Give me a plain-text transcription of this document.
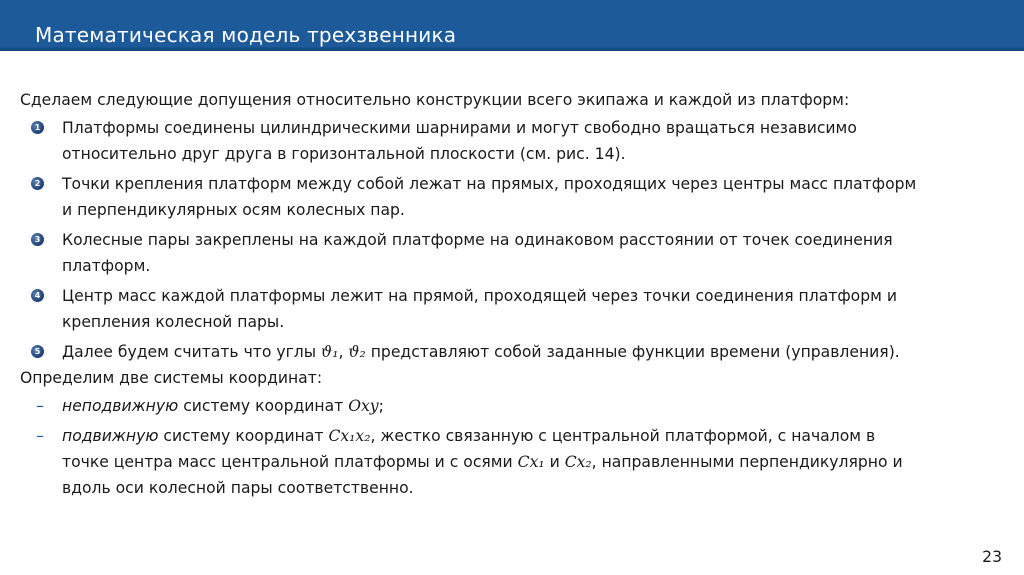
Математическая модель трехзвенника
Сделаем следующие допущения относительно конструкции всего экипажа и каждой из платформ:
1 Платформы соединены цилиндрическими шарнирами и могут свободно вращаться независимо
относительно друг друга в горизонтальной плоскости (см. рис. 14).
2 Точки крепления платформ между собой лежат на прямых, проходящих через центры масс платформ
и перпендикулярных осям колесных пар.
3 Колесные пары закреплены на каждой платформе на одинаковом расстоянии от точек соединения
платформ.
4 Центр масс каждой платформы лежит на прямой, проходящей через точки соединения платформ и
крепления колесной пары.
5 Далее будем считать что углы ϑ₁, ϑ₂ представляют собой заданные функции времени (управления).
Определим две системы координат:
– неподвижную систему координат Oxy;
– подвижную систему координат Cx₁x₂, жестко связанную с центральной платформой, с началом в
точке центра масс центральной платформы и с осями Cx₁ и Cx₂, направленными перпендикулярно и
вдоль оси колесной пары соответственно.
23
